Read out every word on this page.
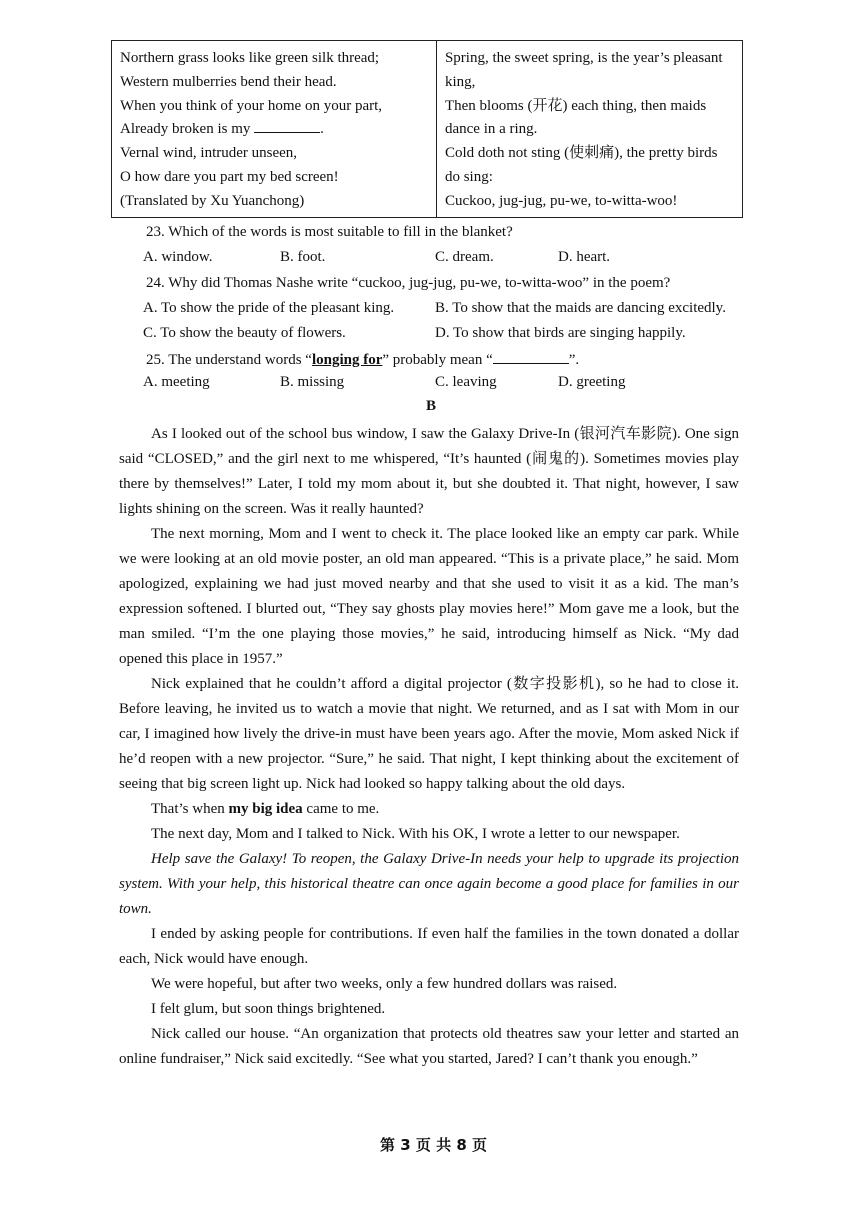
Northern grass looks like green silk thread;
Western mulberries bend their head.
When you think of your home on your part,
Already broken is my	.
Vernal wind, intruder unseen,
O how dare you part my bed screen!
(Translated by Xu Yuanchong)
Spring, the sweet spring, is the year’s pleasant king,
Then blooms (开花) each thing, then maids dance in a ring.
Cold doth not sting (使刺痛), the pretty birds do sing:
Cuckoo, jug-jug, pu-we, to-witta-woo!
23. Which of the words is most suitable to fill in the blanket?
A. window.	B. foot.	C. dream.	D. heart.
24. Why did Thomas Nashe write “cuckoo, jug-jug, pu-we, to-witta-woo” in the poem?
A. To show the pride of the pleasant king.	B. To show that the maids are dancing excitedly.
C. To show the beauty of flowers.	D. To show that birds are singing happily.
25. The understand words “longing for” probably mean “	”.
A. meeting	B. missing	C. leaving	D. greeting
B

As I looked out of the school bus window, I saw the Galaxy Drive-In (银河汽车影院). One sign said “CLOSED,” and the girl next to me whispered, “It’s haunted (闹鬼的). Sometimes movies play there by themselves!” Later, I told my mom about it, but she doubted it. That night, however, I saw lights shining on the screen. Was it really haunted?

The next morning, Mom and I went to check it. The place looked like an empty car park. While we were looking at an old movie poster, an old man appeared. “This is a private place,” he said. Mom apologized, explaining we had just moved nearby and that she used to visit it as a kid. The man’s expression softened. I blurted out, “They say ghosts play movies here!” Mom gave me a look, but the man smiled. “I’m the one playing those movies,” he said, introducing himself as Nick. “My dad opened this place in 1957.”

Nick explained that he couldn’t afford a digital projector (数字投影机), so he had to close it. Before leaving, he invited us to watch a movie that night. We returned, and as I sat with Mom in our car, I imagined how lively the drive-in must have been years ago. After the movie, Mom asked Nick if he’d reopen with a new projector. “Sure,” he said. That night, I kept thinking about the excitement of seeing that big screen light up. Nick had looked so happy talking about the old days.

That’s when my big idea came to me.

The next day, Mom and I talked to Nick. With his OK, I wrote a letter to our newspaper.

Help save the Galaxy! To reopen, the Galaxy Drive-In needs your help to upgrade its projection system. With your help, this historical theatre can once again become a good place for families in our town.

I ended by asking people for contributions. If even half the families in the town donated a dollar each, Nick would have enough.

We were hopeful, but after two weeks, only a few hundred dollars was raised.

I felt glum, but soon things brightened.

Nick called our house. “An organization that protects old theatres saw your letter and started an online fundraiser,” Nick said excitedly. “See what you started, Jared? I can’t thank you enough.”

第 3 页 共 8 页
